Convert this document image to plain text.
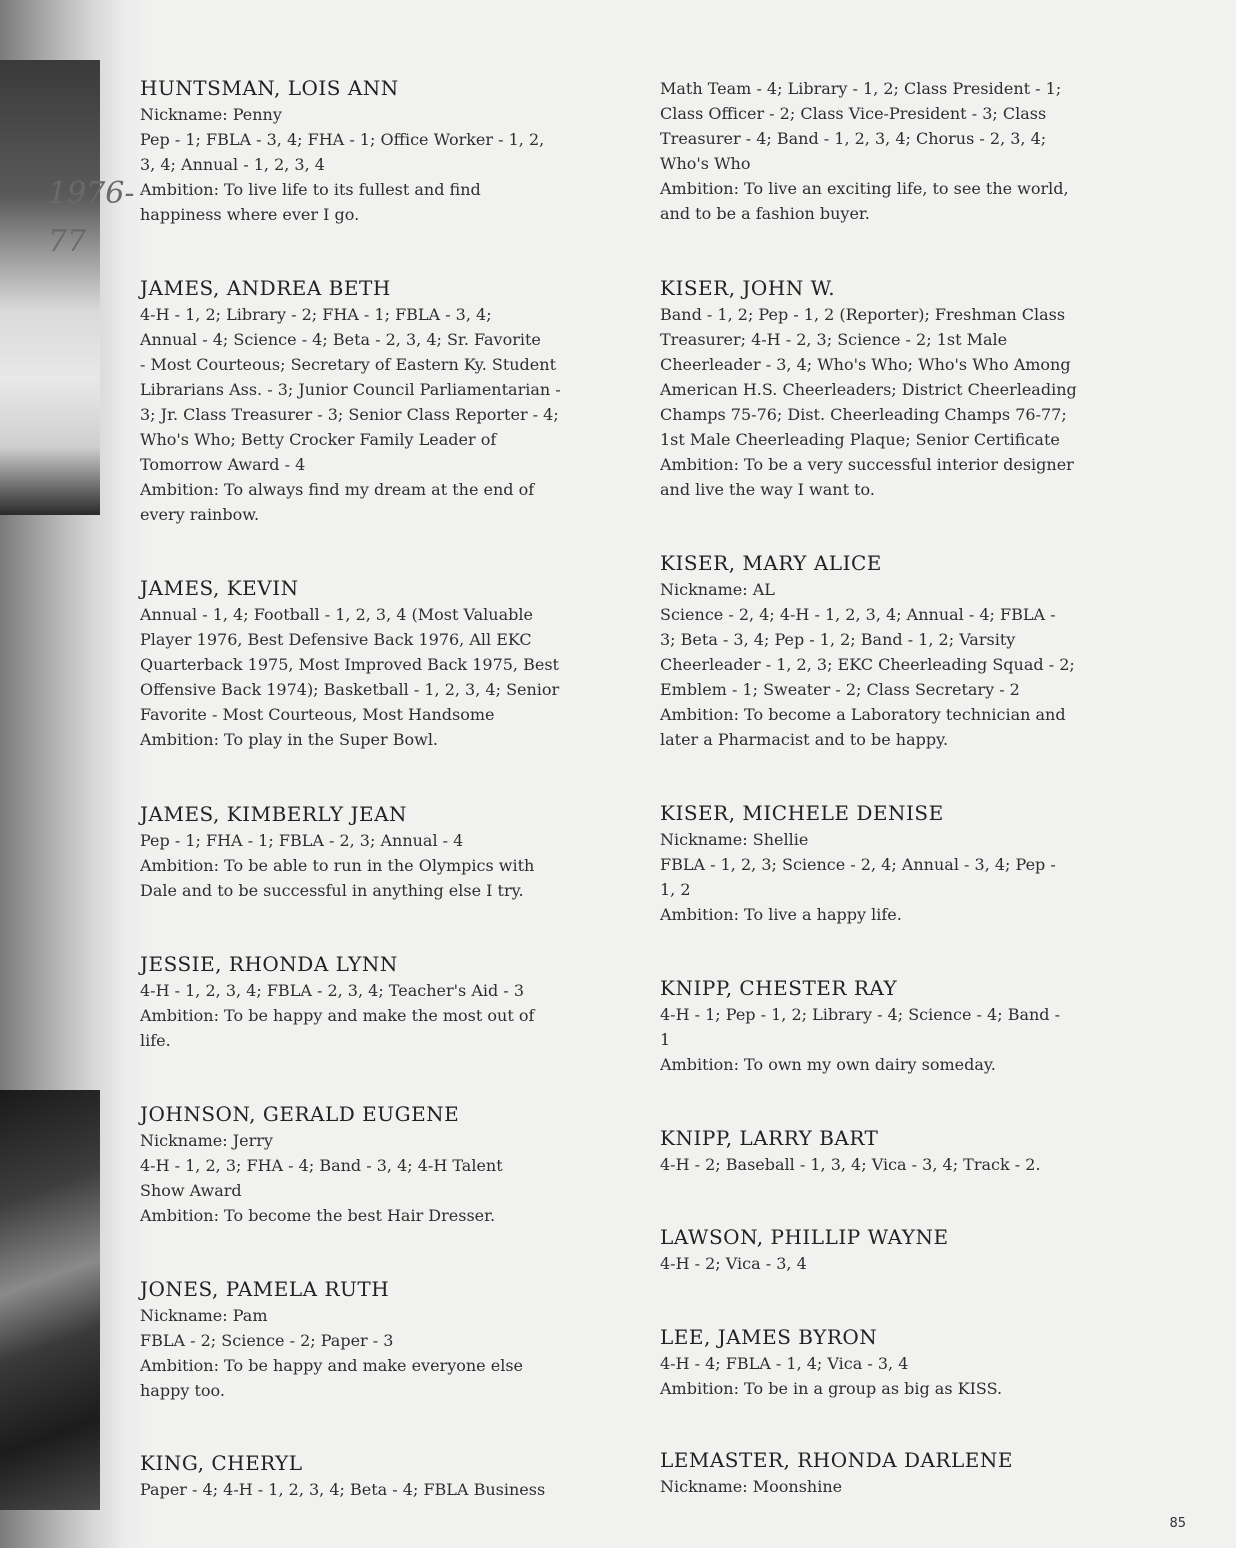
1976-77

HUNTSMAN, LOIS ANN

Nickname: Penny

Pep - 1; FBLA - 3, 4; FHA - 1; Office Worker - 1, 2,

3, 4; Annual - 1, 2, 3, 4

Ambition: To live life to its fullest and find

happiness where ever I go.

JAMES, ANDREA BETH

4-H - 1, 2; Library - 2; FHA - 1; FBLA - 3, 4;

Annual - 4; Science - 4; Beta - 2, 3, 4; Sr. Favorite

- Most Courteous; Secretary of Eastern Ky. Student

Librarians Ass. - 3; Junior Council Parliamentarian -

3; Jr. Class Treasurer - 3; Senior Class Reporter - 4;

Who's Who; Betty Crocker Family Leader of

Tomorrow Award - 4

Ambition: To always find my dream at the end of

every rainbow.

JAMES, KEVIN

Annual - 1, 4; Football - 1, 2, 3, 4 (Most Valuable

Player 1976, Best Defensive Back 1976, All EKC

Quarterback 1975, Most Improved Back 1975, Best

Offensive Back 1974); Basketball - 1, 2, 3, 4; Senior

Favorite - Most Courteous, Most Handsome

Ambition: To play in the Super Bowl.

JAMES, KIMBERLY JEAN

Pep - 1; FHA - 1; FBLA - 2, 3; Annual - 4

Ambition: To be able to run in the Olympics with

Dale and to be successful in anything else I try.

JESSIE, RHONDA LYNN

4-H - 1, 2, 3, 4; FBLA - 2, 3, 4; Teacher's Aid - 3

Ambition: To be happy and make the most out of

life.

JOHNSON, GERALD EUGENE

Nickname: Jerry

4-H - 1, 2, 3; FHA - 4; Band - 3, 4; 4-H Talent

Show Award

Ambition: To become the best Hair Dresser.

JONES, PAMELA RUTH

Nickname: Pam

FBLA - 2; Science - 2; Paper - 3

Ambition: To be happy and make everyone else

happy too.

KING, CHERYL

Paper - 4; 4-H - 1, 2, 3, 4; Beta - 4; FBLA Business

Math Team - 4; Library - 1, 2; Class President - 1;

Class Officer - 2; Class Vice-President - 3; Class

Treasurer - 4; Band - 1, 2, 3, 4; Chorus - 2, 3, 4;

Who's Who

Ambition: To live an exciting life, to see the world,

and to be a fashion buyer.

KISER, JOHN W.

Band - 1, 2; Pep - 1, 2 (Reporter); Freshman Class

Treasurer; 4-H - 2, 3; Science - 2; 1st Male

Cheerleader - 3, 4; Who's Who; Who's Who Among

American H.S. Cheerleaders; District Cheerleading

Champs 75-76; Dist. Cheerleading Champs 76-77;

1st Male Cheerleading Plaque; Senior Certificate

Ambition: To be a very successful interior designer

and live the way I want to.

KISER, MARY ALICE

Nickname: AL

Science - 2, 4; 4-H - 1, 2, 3, 4; Annual - 4; FBLA -

3; Beta - 3, 4; Pep - 1, 2; Band - 1, 2; Varsity

Cheerleader - 1, 2, 3; EKC Cheerleading Squad - 2;

Emblem - 1; Sweater - 2; Class Secretary - 2

Ambition: To become a Laboratory technician and

later a Pharmacist and to be happy.

KISER, MICHELE DENISE

Nickname: Shellie

FBLA - 1, 2, 3; Science - 2, 4; Annual - 3, 4; Pep -

1, 2

Ambition: To live a happy life.

KNIPP, CHESTER RAY

4-H - 1; Pep - 1, 2; Library - 4; Science - 4; Band -

1

Ambition: To own my own dairy someday.

KNIPP, LARRY BART

4-H - 2; Baseball - 1, 3, 4; Vica - 3, 4; Track - 2.

LAWSON, PHILLIP WAYNE

4-H - 2; Vica - 3, 4

LEE, JAMES BYRON

4-H - 4; FBLA - 1, 4; Vica - 3, 4

Ambition: To be in a group as big as KISS.

LEMASTER, RHONDA DARLENE

Nickname: Moonshine

85
